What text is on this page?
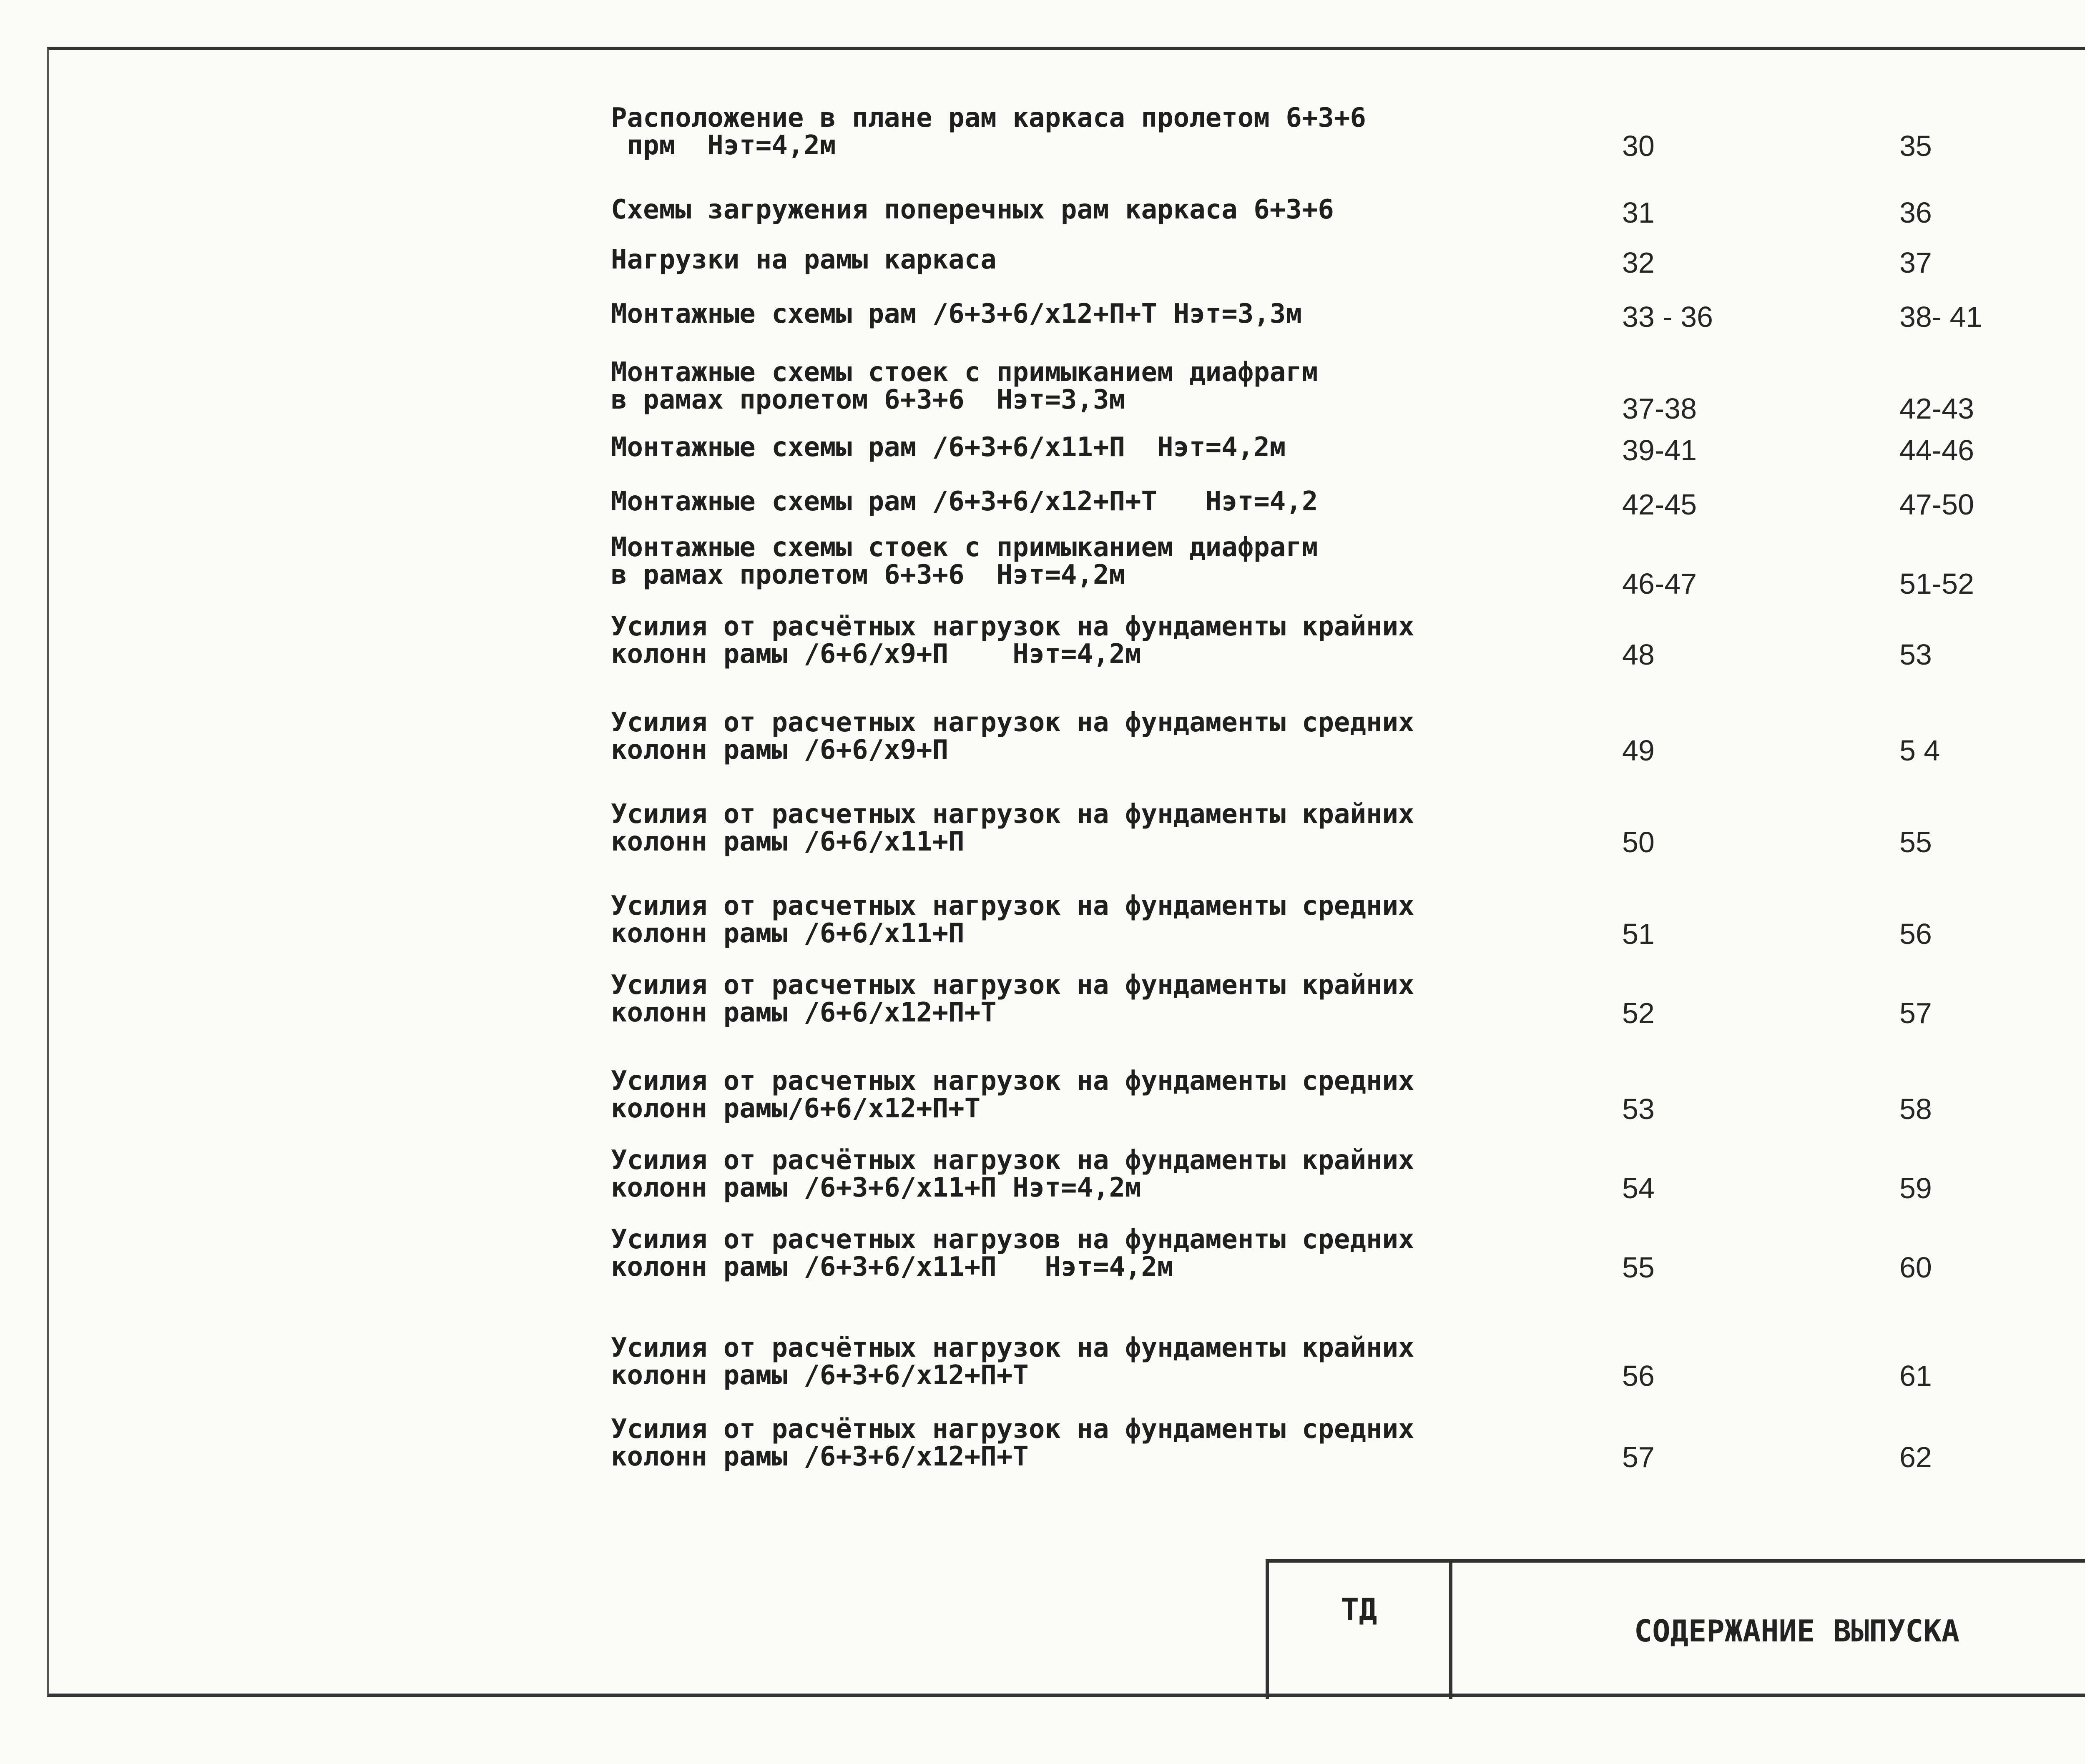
Расположение в плане рам каркаса пролетом 6+3+6
прм  Нэт=4,2м	30	35
Схемы загружения поперечных рам каркаса 6+3+6	31	36
Нагрузки на рамы каркаса	32	37
Монтажные схемы рам /6+3+6/x12+П+Т Нэт=3,3м	33 - 36	38- 41
Монтажные схемы стоек с примыканием диафрагм
в рамах пролетом 6+3+6  Нэт=3,3м	37-38	42-43
Монтажные схемы рам /6+3+6/x11+П  Нэт=4,2м	39-41	44-46
Монтажные схемы рам /6+3+6/x12+П+Т   Нэт=4,2	42-45	47-50
Монтажные схемы стоек с примыканием диафрагм
в рамах пролетом 6+3+6  Нэт=4,2м	46-47	51-52
Усилия от расчётных нагрузок на фундаменты крайних
колонн рамы /6+6/x9+П    Нэт=4,2м	48	53
Усилия от расчетных нагрузок на фундаменты средних
колонн рамы /6+6/x9+П	49	5 4
Усилия от расчетных нагрузок на фундаменты крайних
колонн рамы /6+6/x11+П	50	55
Усилия от расчетных нагрузок на фундаменты средних
колонн рамы /6+6/x11+П	51	56
Усилия от расчетных нагрузок на фундаменты крайних
колонн рамы /6+6/x12+П+Т	52	57
Усилия от расчетных нагрузок на фундаменты средних
колонн рамы/6+6/x12+П+Т	53	58
Усилия от расчётных нагрузок на фундаменты крайних
колонн рамы /6+3+6/x11+П Нэт=4,2м	54	59
Усилия от расчетных нагрузов на фундаменты средних
колонн рамы /6+3+6/x11+П   Нэт=4,2м	55	60
Усилия от расчётных нагрузок на фундаменты крайних
колонн рамы /6+3+6/x12+П+Т	56	61
Усилия от расчётных нагрузок на фундаменты средних
колонн рамы /6+3+6/x12+П+Т	57	62
ТД
СОДЕРЖАНИЕ ВЫПУСКА
